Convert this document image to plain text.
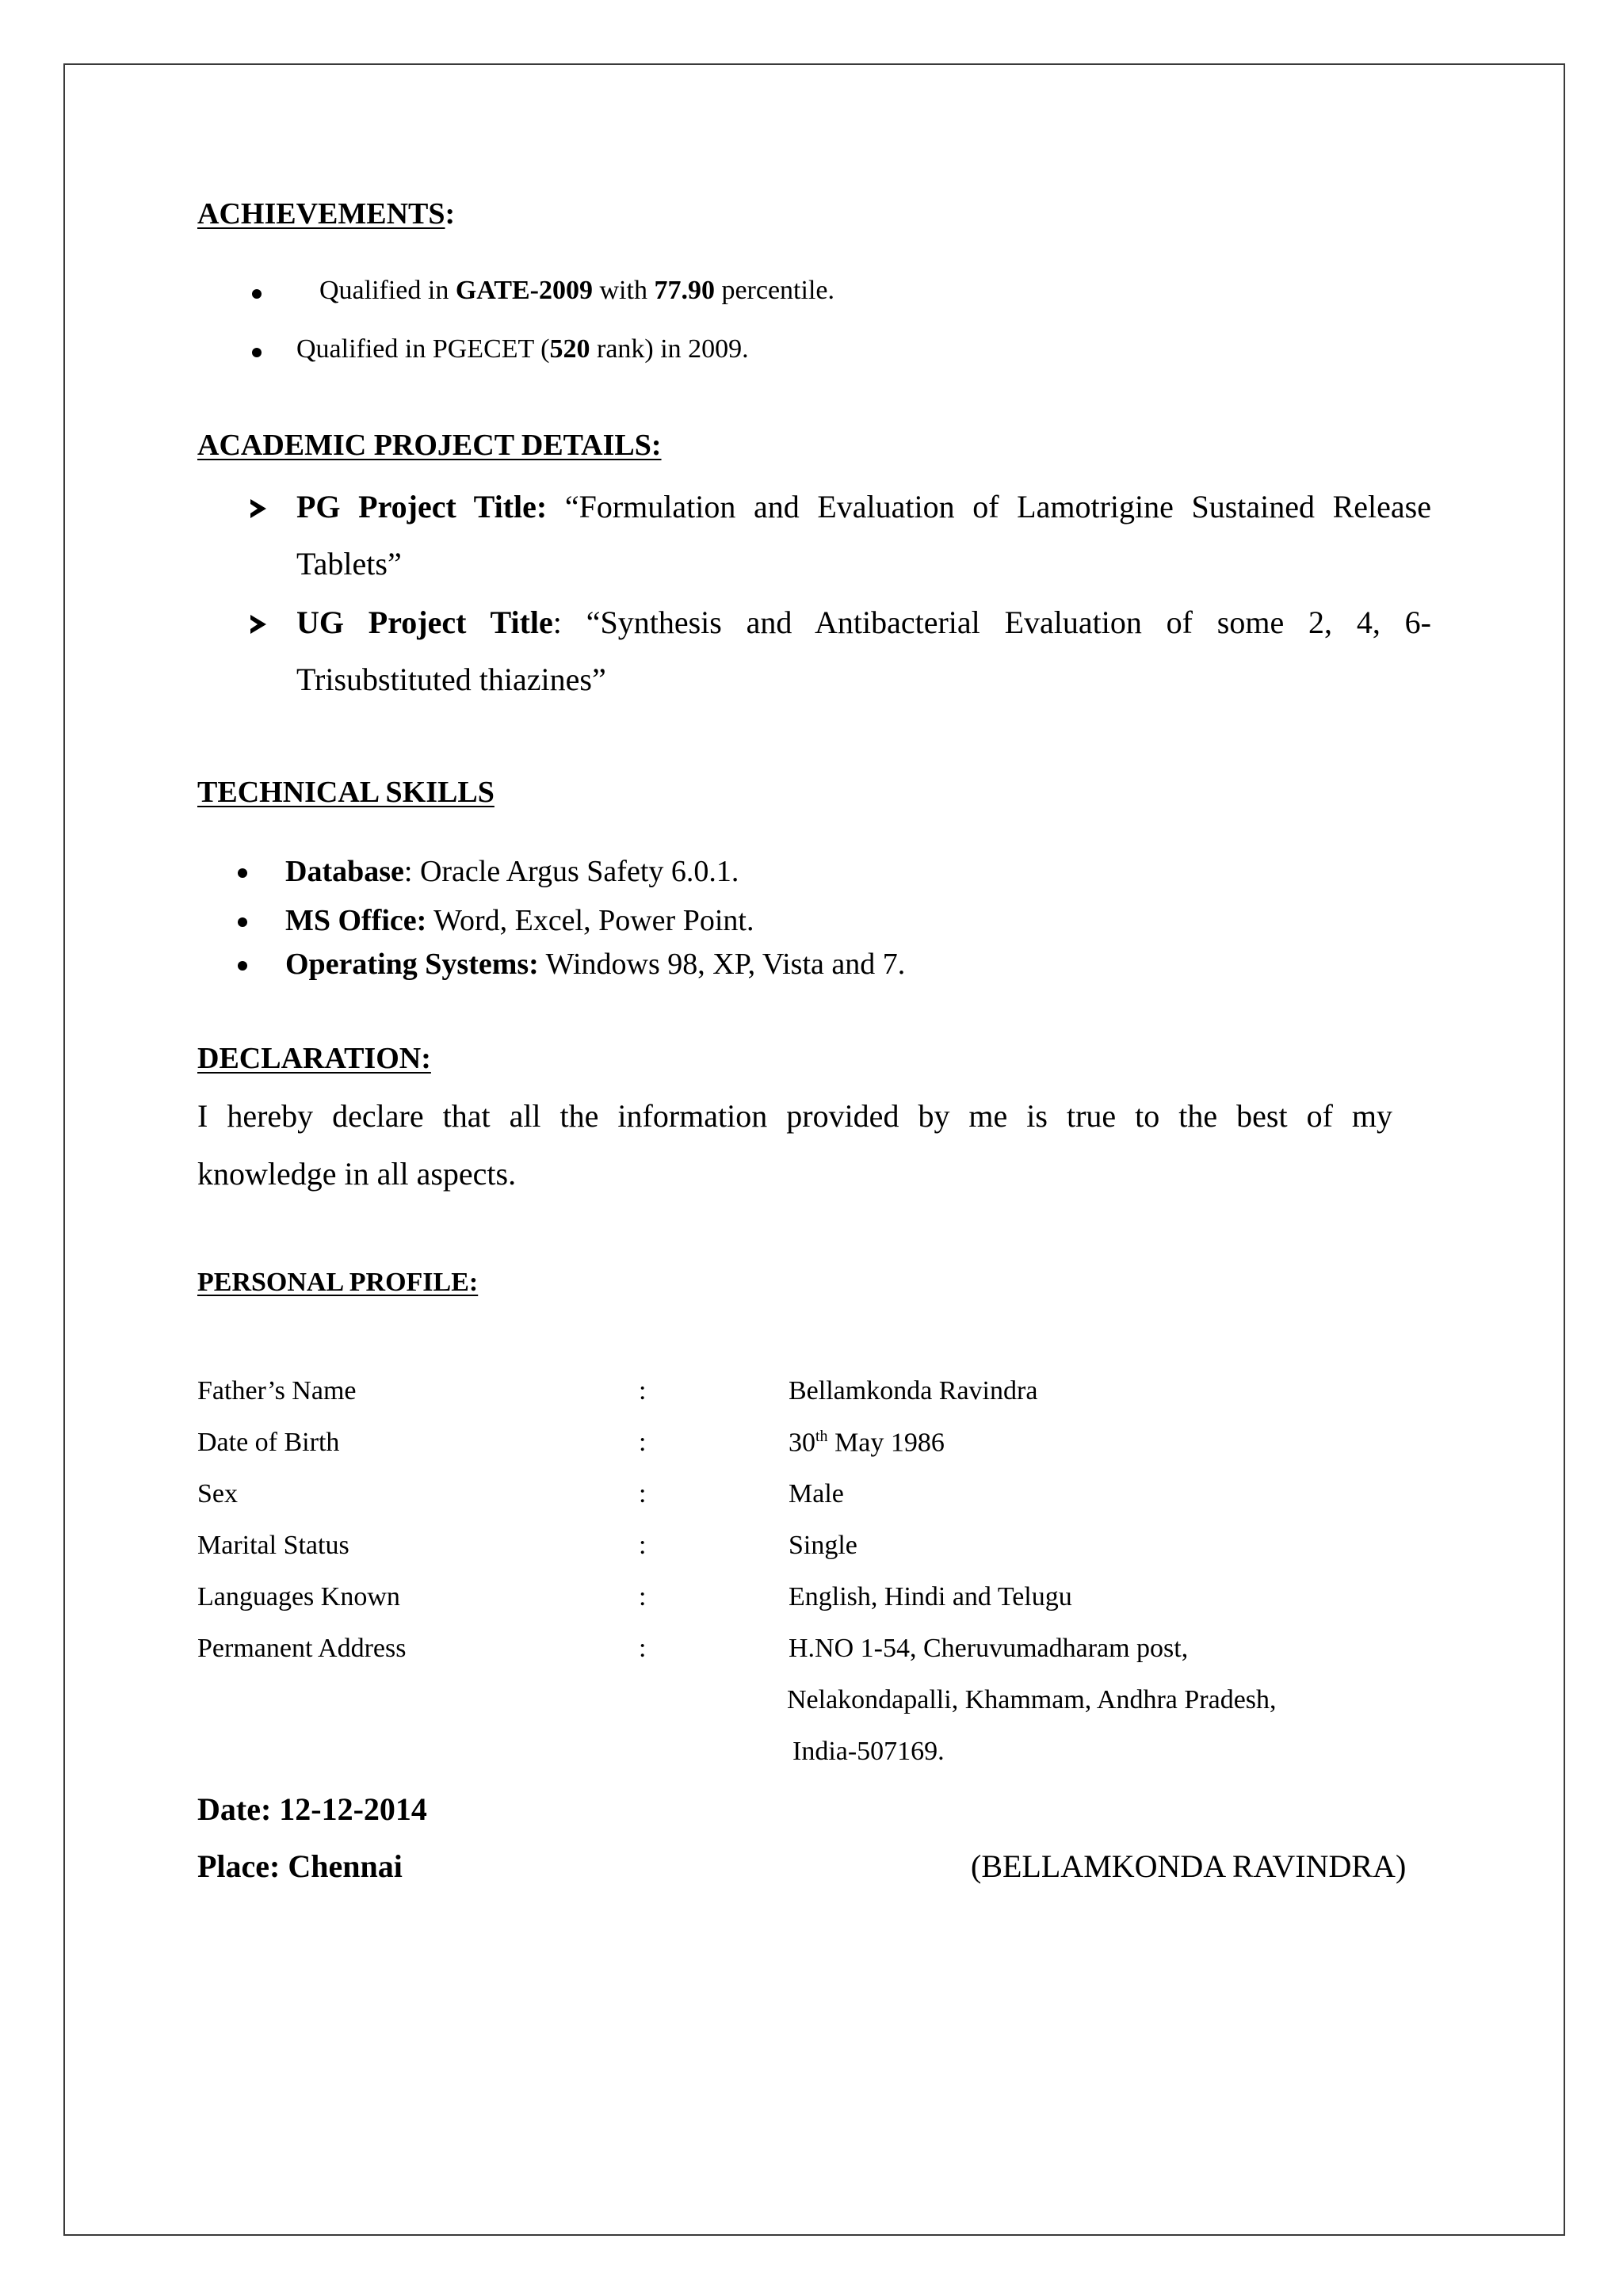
ACHIEVEMENTS:
Qualified in GATE-2009 with 77.90 percentile.
Qualified in PGECET (520 rank) in 2009.
ACADEMIC PROJECT DETAILS:
PG Project Title: “Formulation and Evaluation of Lamotrigine Sustained Release
Tablets”
UG Project Title: “Synthesis and Antibacterial Evaluation of some 2, 4, 6-
Trisubstituted thiazines”
TECHNICAL SKILLS
Database: Oracle Argus Safety 6.0.1.
MS Office: Word, Excel, Power Point.
Operating Systems: Windows 98, XP, Vista and 7.
DECLARATION:
I hereby declare that all the information provided by me is true to the best of my
knowledge in all aspects.
PERSONAL PROFILE:
Father’s Name	:	Bellamkonda Ravindra
Date of Birth	:	30th May 1986
Sex	:	Male
Marital Status	:	Single
Languages Known	:	English, Hindi and Telugu
Permanent Address	:	H.NO 1-54, Cheruvumadharam post,
Nelakondapalli, Khammam, Andhra Pradesh,
India-507169.
Date: 12-12-2014
Place: Chennai	(BELLAMKONDA RAVINDRA)
